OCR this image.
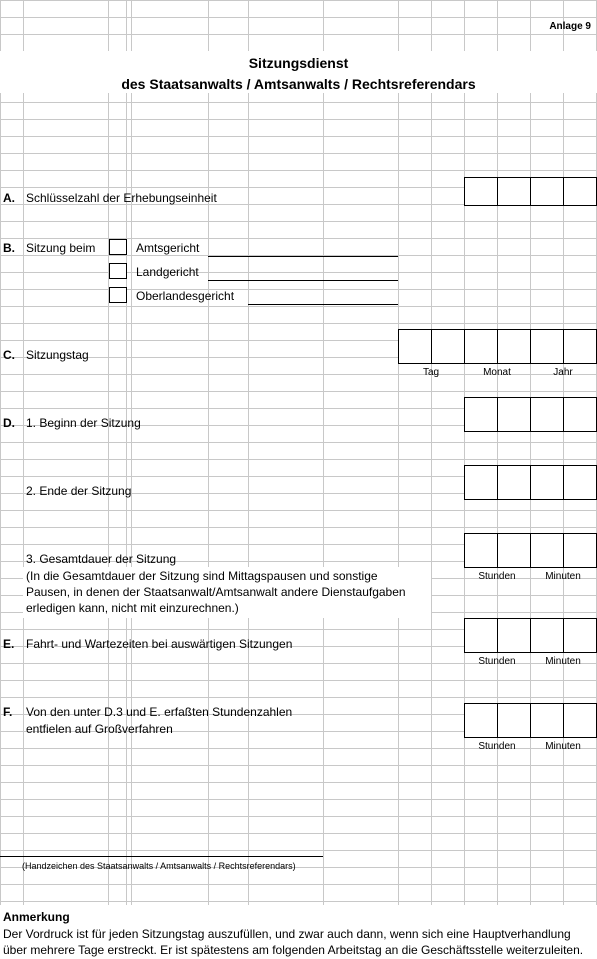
Anlage 9
Sitzungsdienst
des Staatsanwalts / Amtsanwalts / Rechtsreferendars
A. Schlüsselzahl der Erhebungseinheit
B. Sitzung beim	Amtsgericht
Landgericht
Oberlandesgericht
C. Sitzungstag
Tag	Monat	Jahr
D. 1. Beginn der Sitzung
2. Ende der Sitzung
3. Gesamtdauer der Sitzung
Stunden	Minuten
(In die Gesamtdauer der Sitzung sind Mittagspausen und sonstige
Pausen, in denen der Staatsanwalt/Amtsanwalt andere Dienstaufgaben
erledigen kann, nicht mit einzurechnen.)
E. Fahrt- und Wartezeiten bei auswärtigen Sitzungen
Stunden	Minuten
F. Von den unter D.3 und E. erfaßten Stundenzahlen
entfielen auf Großverfahren
Stunden	Minuten
(Handzeichen des Staatsanwalts / Amtsanwalts / Rechtsreferendars)
Anmerkung
Der Vordruck ist für jeden Sitzungstag auszufüllen, und zwar auch dann, wenn sich eine Hauptverhandlung
über mehrere Tage erstreckt. Er ist spätestens am folgenden Arbeitstag an die Geschäftsstelle weiterzuleiten.
